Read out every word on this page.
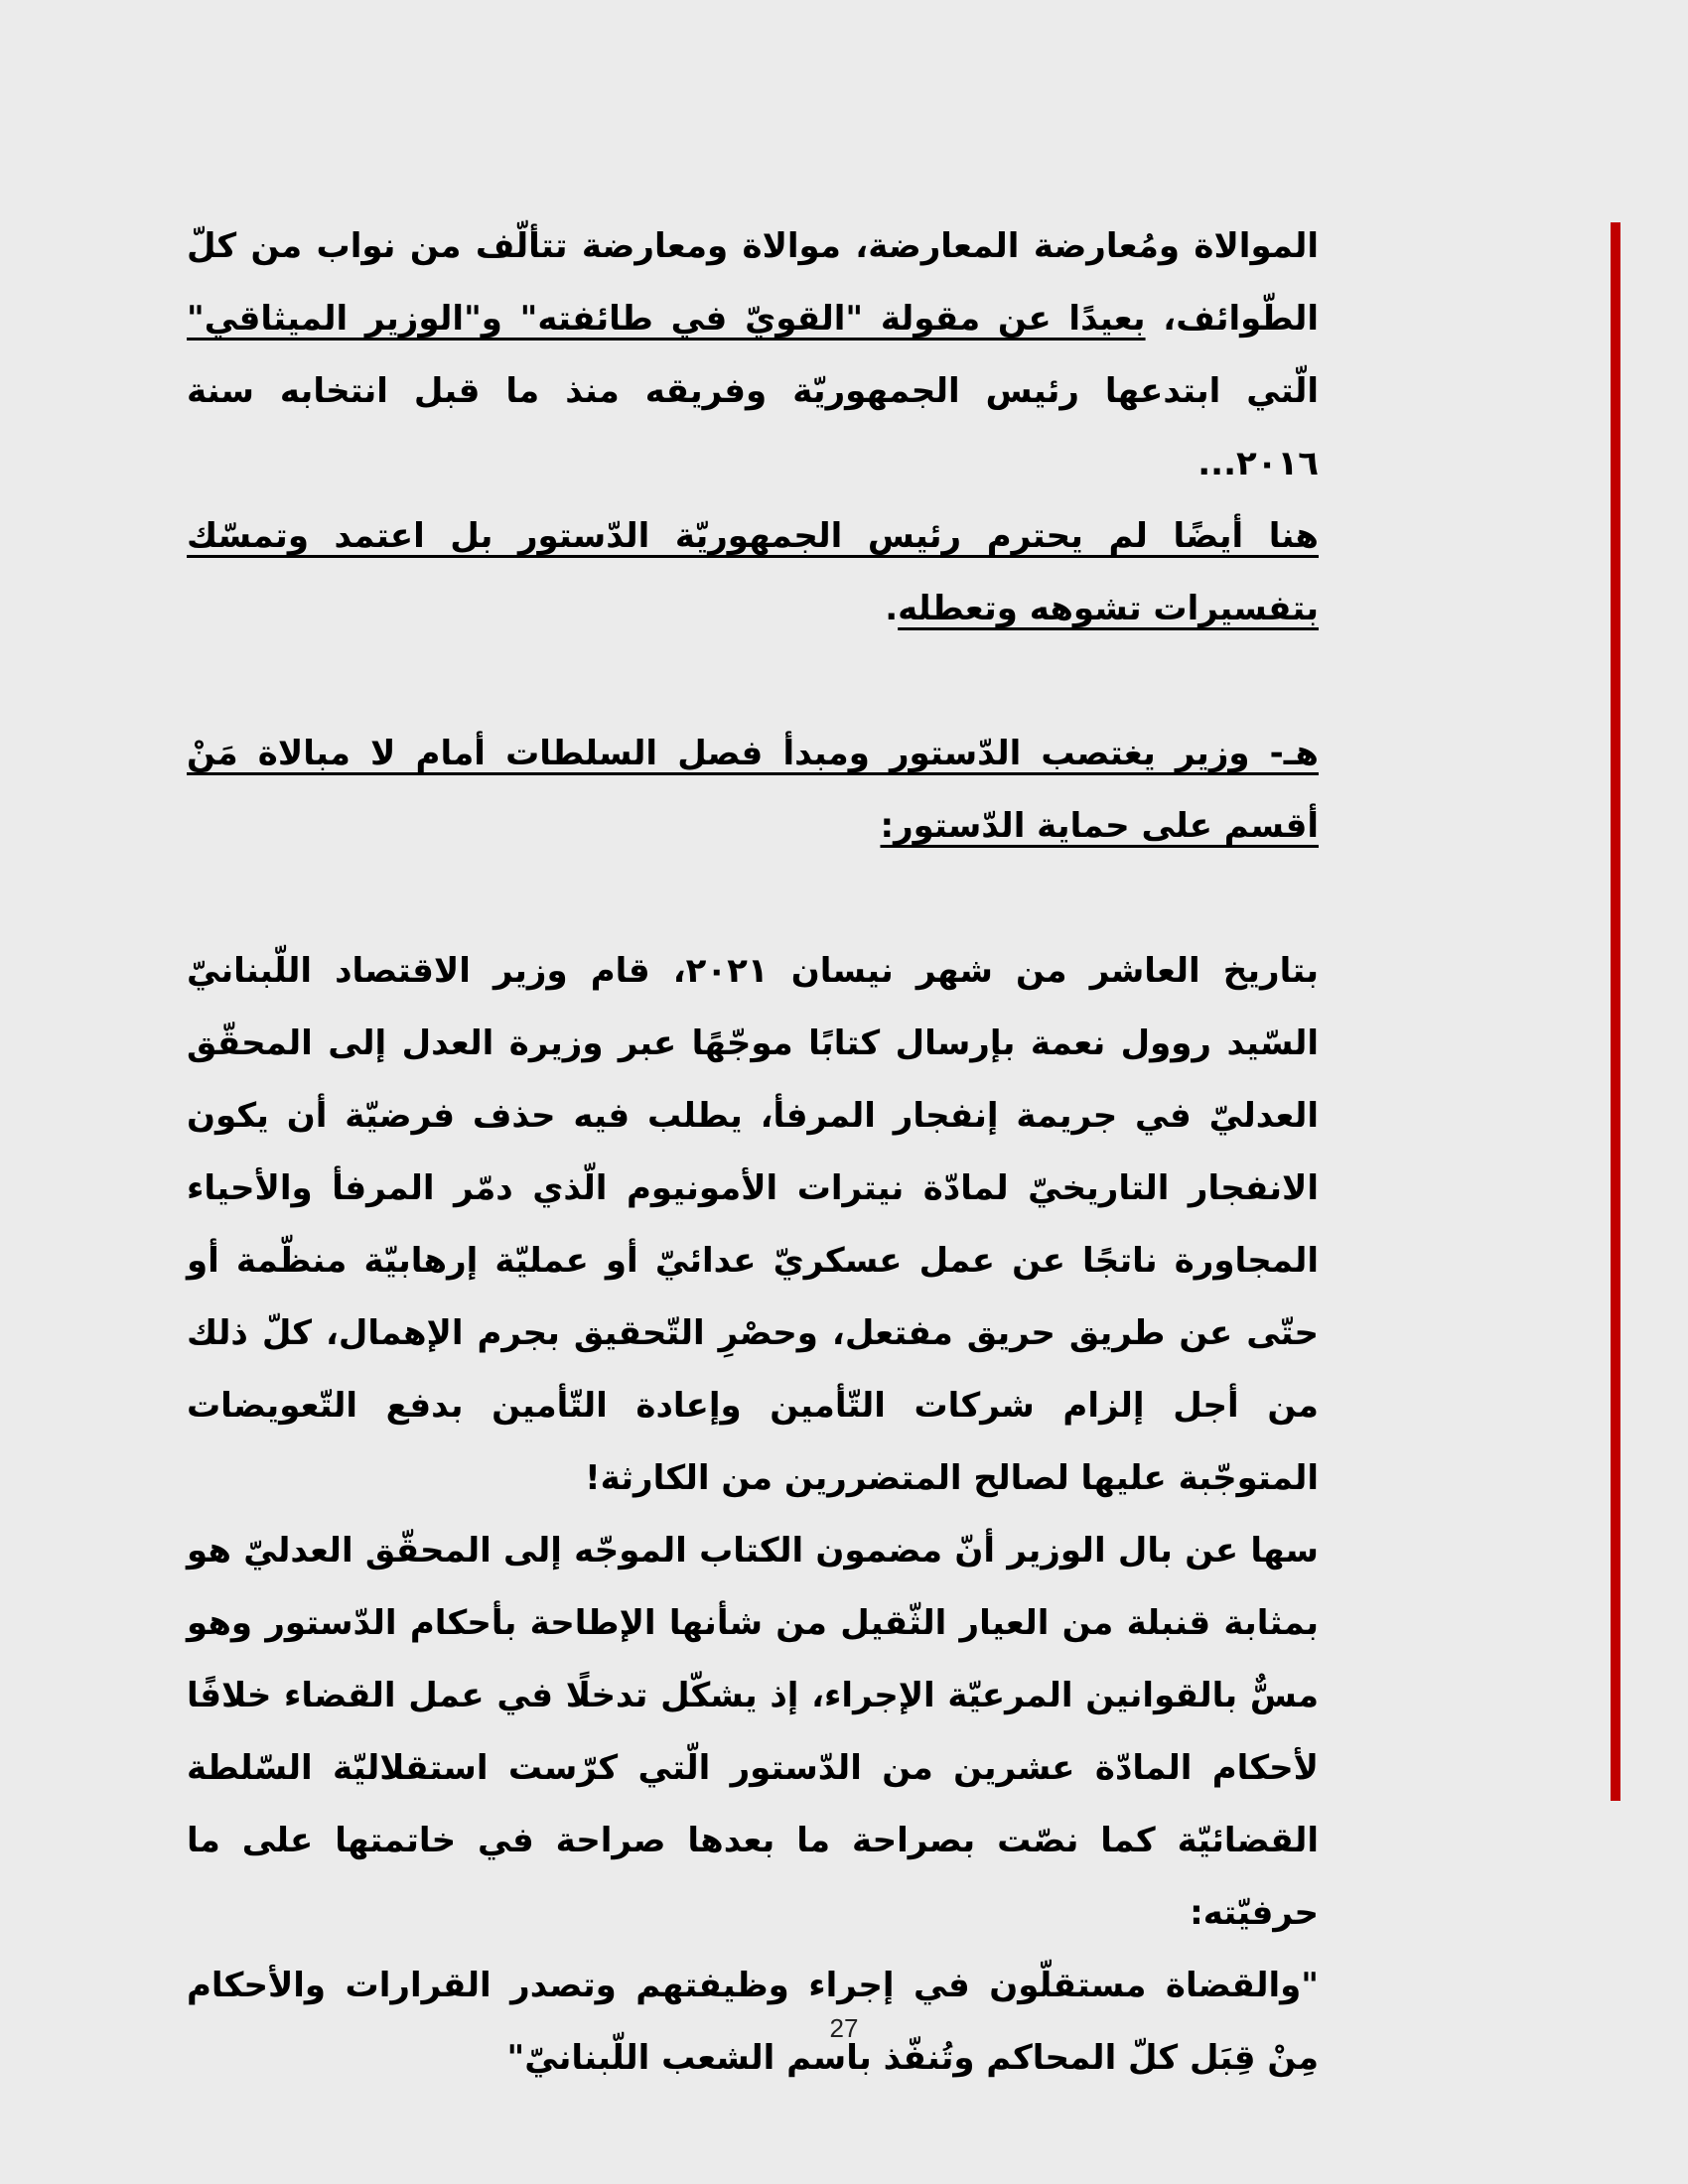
الموالاة ومُعارضة المعارضة، موالاة ومعارضة تتألّف من نواب من كلّ الطّوائف، بعيدًا عن مقولة "القويّ في طائفته" و"الوزير الميثاقي" الّتي ابتدعها رئيس الجمهوريّة وفريقه منذ ما قبل انتخابه سنة ٢٠١٦...

هنا أيضًا لم يحترم رئيس الجمهوريّة الدّستور بل اعتمد وتمسّك بتفسيرات تشوهه وتعطله.

هـ- وزير يغتصب الدّستور ومبدأ فصل السلطات أمام لا مبالاة مَنْ أقسم على حماية الدّستور:

بتاريخ العاشر من شهر نيسان ٢٠٢١، قام وزير الاقتصاد اللّبنانيّ السّيد روول نعمة بإرسال كتابًا موجّهًا عبر وزيرة العدل إلى المحقّق العدليّ في جريمة إنفجار المرفأ، يطلب فيه حذف فرضيّة أن يكون الانفجار التاريخيّ لمادّة نيترات الأمونيوم الّذي دمّر المرفأ والأحياء المجاورة ناتجًا عن عمل عسكريّ عدائيّ أو عمليّة إرهابيّة منظّمة أو حتّى عن طريق حريق مفتعل، وحصْرِ التّحقيق بجرم الإهمال، كلّ ذلك من أجل إلزام شركات التّأمين وإعادة التّأمين بدفع التّعويضات المتوجّبة عليها لصالح المتضررين من الكارثة!

سها عن بال الوزير أنّ مضمون الكتاب الموجّه إلى المحقّق العدليّ هو بمثابة قنبلة من العيار الثّقيل من شأنها الإطاحة بأحكام الدّستور وهو مسٌّ بالقوانين المرعيّة الإجراء، إذ يشكّل تدخلًا في عمل القضاء خلافًا لأحكام المادّة عشرين من الدّستور الّتي كرّست استقلاليّة السّلطة القضائيّة كما نصّت بصراحة ما بعدها صراحة في خاتمتها على ما حرفيّته:

"والقضاة مستقلّون في إجراء وظيفتهم وتصدر القرارات والأحكام مِنْ قِبَل كلّ المحاكم وتُنفّذ باسم الشعب اللّبنانيّ"

27
